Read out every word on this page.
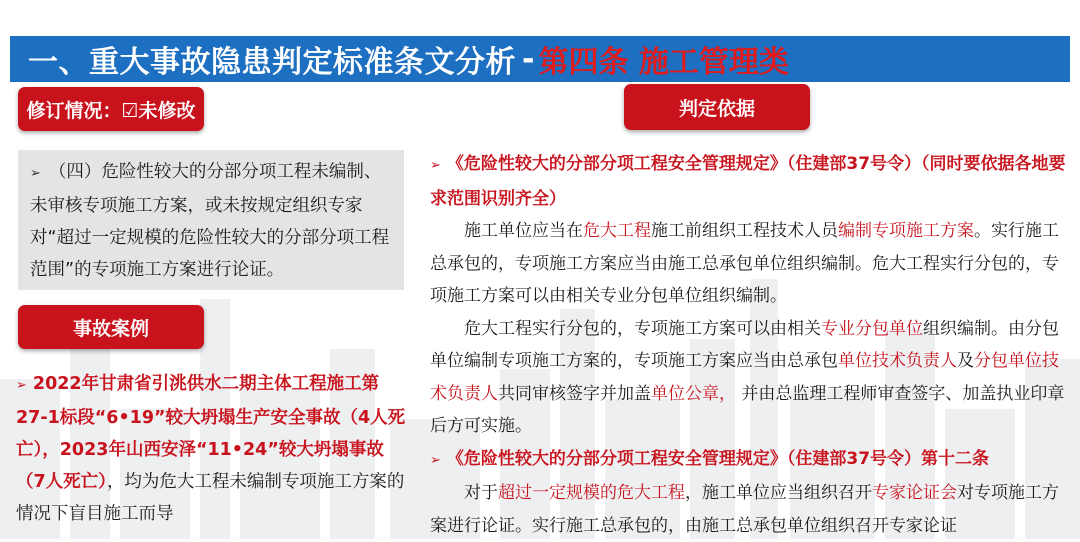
一、重大事故隐患判定标准条文分析 - 第四条 施工管理类
修订情况：☑未修改	判定依据
事故案例
➢ （四）危险性较大的分部分项工程未编制、未审核专项施工方案，或未按规定组织专家对“超过一定规模的危险性较大的分部分项工程范围”的专项施工方案进行论证。
➢ 2022年甘肃省引洮供水二期主体工程施工第27-1标段“6•19”较大坍塌生产安全事故（4人死亡），2023年山西安泽“11•24”较大坍塌事故（7人死亡），均为危大工程未编制专项施工方案的情况下盲目施工而导

➢ 《危险性较大的分部分项工程安全管理规定》（住建部37号令）（同时要依据各地要求范围识别齐全）

施工单位应当在危大工程施工前组织工程技术人员编制专项施工方案。实行施工总承包的，专项施工方案应当由施工总承包单位组织编制。危大工程实行分包的，专项施工方案可以由相关专业分包单位组织编制。

危大工程实行分包的，专项施工方案可以由相关专业分包单位组织编制。由分包单位编制专项施工方案的，专项施工方案应当由总承包单位技术负责人及分包单位技术负责人共同审核签字并加盖单位公章， 并由总监理工程师审查签字、加盖执业印章后方可实施。

➢ 《危险性较大的分部分项工程安全管理规定》（住建部37号令）第十二条

对于超过一定规模的危大工程，施工单位应当组织召开专家论证会对专项施工方案进行论证。实行施工总承包的，由施工总承包单位组织召开专家论证
